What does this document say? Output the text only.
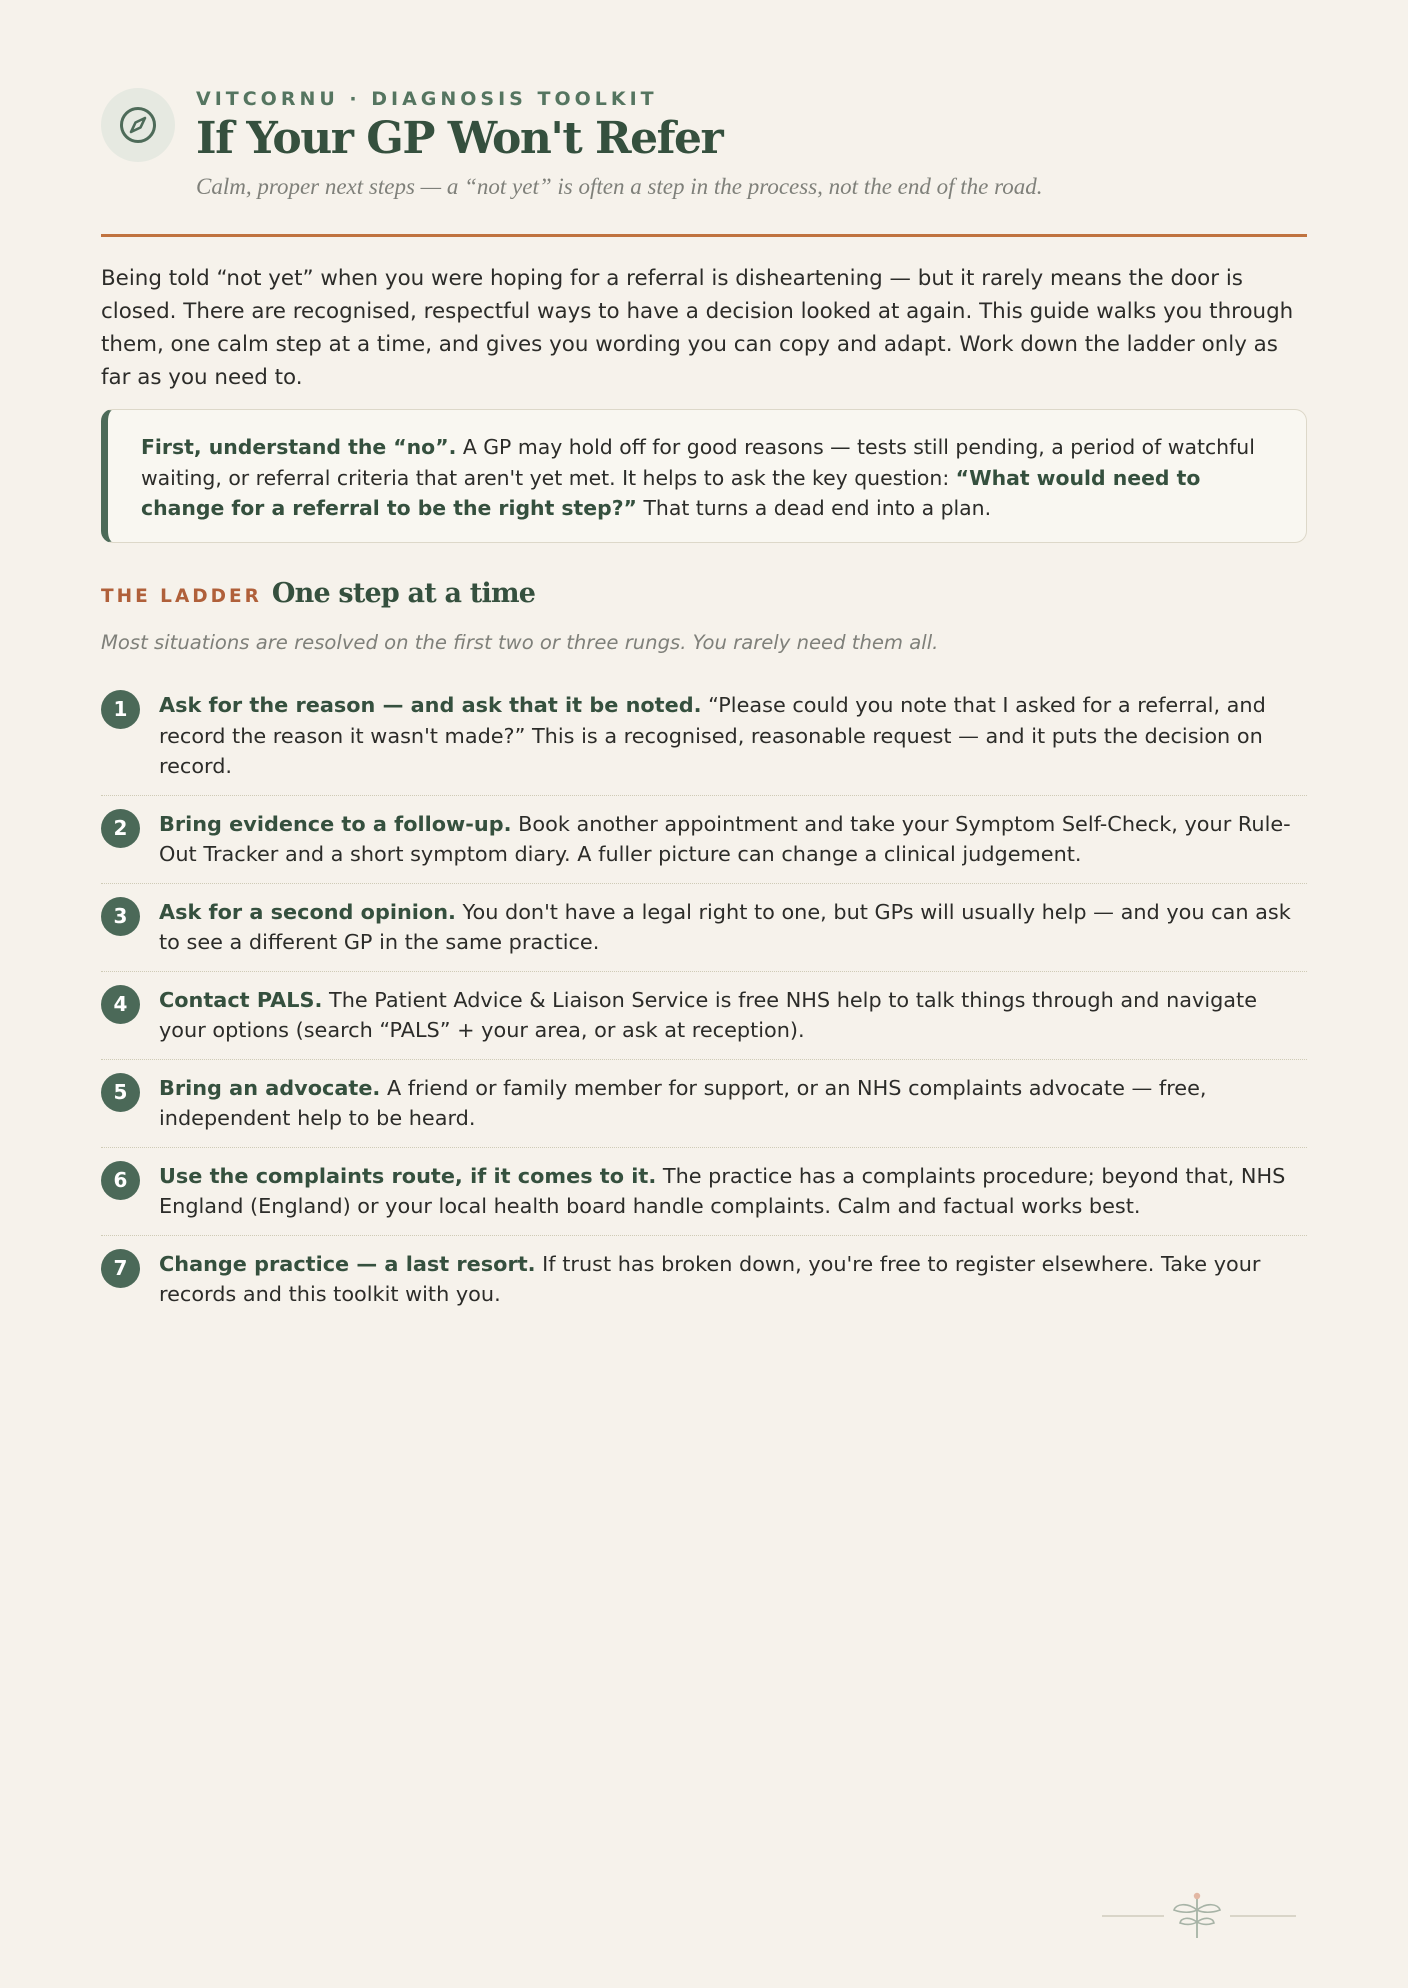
VITCORNU · DIAGNOSIS TOOLKIT
If Your GP Won't Refer
Calm, proper next steps — a “not yet” is often a step in the process, not the end of the road.

Being told “not yet” when you were hoping for a referral is disheartening — but it rarely means the door is closed. There are recognised, respectful ways to have a decision looked at again. This guide walks you through them, one calm step at a time, and gives you wording you can copy and adapt. Work down the ladder only as far as you need to.

First, understand the “no”. A GP may hold off for good reasons — tests still pending, a period of watchful waiting, or referral criteria that aren't yet met. It helps to ask the key question: “What would need to change for a referral to be the right step?” That turns a dead end into a plan.
THE LADDER One step at a time
Most situations are resolved on the first two or three rungs. You rarely need them all.
1	Ask for the reason — and ask that it be noted. “Please could you note that I asked for a referral, and record the reason it wasn't made?” This is a recognised, reasonable request — and it puts the decision on record.
2	Bring evidence to a follow-up. Book another appointment and take your Symptom Self-Check, your Rule-Out Tracker and a short symptom diary. A fuller picture can change a clinical judgement.
3	Ask for a second opinion. You don't have a legal right to one, but GPs will usually help — and you can ask to see a different GP in the same practice.
4	Contact PALS. The Patient Advice & Liaison Service is free NHS help to talk things through and navigate your options (search “PALS” + your area, or ask at reception).
5	Bring an advocate. A friend or family member for support, or an NHS complaints advocate — free, independent help to be heard.
6	Use the complaints route, if it comes to it. The practice has a complaints procedure; beyond that, NHS England (England) or your local health board handle complaints. Calm and factual works best.
7	Change practice — a last resort. If trust has broken down, you're free to register elsewhere. Take your records and this toolkit with you.
